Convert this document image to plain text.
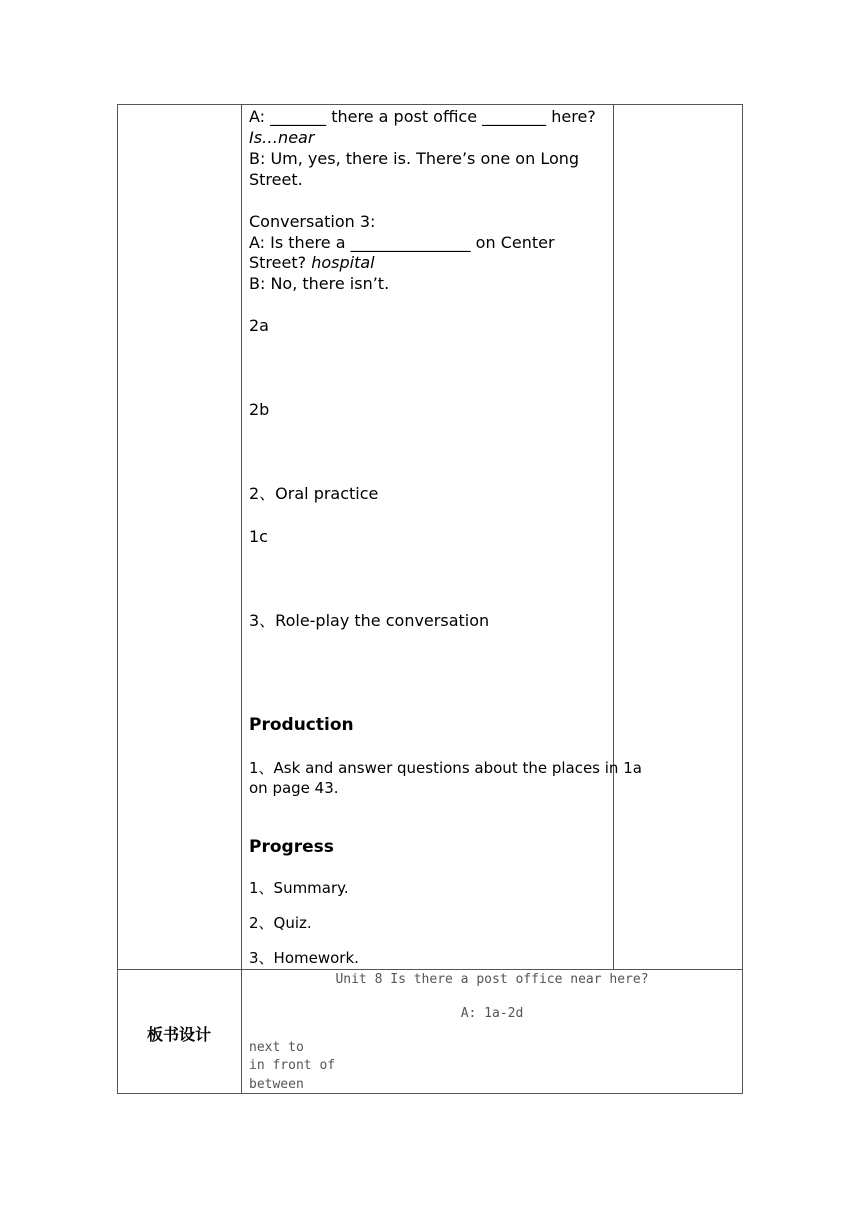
A: _______ there a post office ________ here?
Is…near
B: Um, yes, there is. There’s one on Long
Street.
Conversation 3:
A: Is there a _______________ on Center
Street? hospital
B: No, there isn’t.
2a
2b
2、Oral practice
1c
3、Role-play the conversation
Production
1、Ask and answer questions about the places in 1a
on page 43.
Progress
1、Summary.
2、Quiz.
3、Homework.
板书设计
Unit 8 Is there a post office near here?
A: 1a-2d
next to
in front of
between
